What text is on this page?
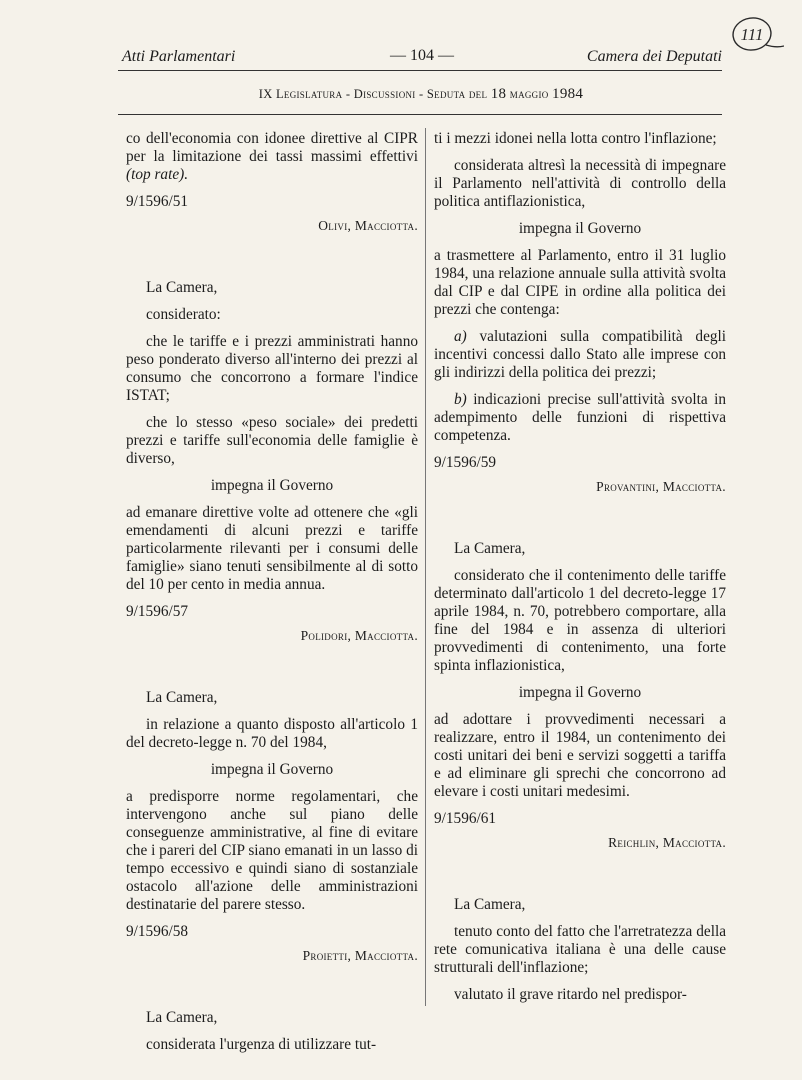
Atti Parlamentari	— 104 —	Camera dei Deputati
111
IX Legislatura - Discussioni - Seduta del 18 maggio 1984

co dell'economia con idonee direttive al CIPR per la limitazione dei tassi massimi effettivi (top rate).

9/1596/51

Olivi, Macciotta.

La Camera,

considerato:

che le tariffe e i prezzi amministrati hanno peso ponderato diverso all'interno dei prezzi al consumo che concorrono a formare l'indice ISTAT;

che lo stesso «peso sociale» dei predetti prezzi e tariffe sull'economia delle famiglie è diverso,

impegna il Governo

ad emanare direttive volte ad ottenere che «gli emendamenti di alcuni prezzi e tariffe particolarmente rilevanti per i consumi delle famiglie» siano tenuti sensibilmente al di sotto del 10 per cento in media annua.

9/1596/57

Polidori, Macciotta.

La Camera,

in relazione a quanto disposto all'articolo 1 del decreto-legge n. 70 del 1984,

impegna il Governo

a predisporre norme regolamentari, che intervengono anche sul piano delle conseguenze amministrative, al fine di evitare che i pareri del CIP siano emanati in un lasso di tempo eccessivo e quindi siano di sostanziale ostacolo all'azione delle amministrazioni destinatarie del parere stesso.

9/1596/58

Proietti, Macciotta.

La Camera,

considerata l'urgenza di utilizzare tut-

ti i mezzi idonei nella lotta contro l'inflazione;

considerata altresì la necessità di impegnare il Parlamento nell'attività di controllo della politica antiflazionistica,

impegna il Governo

a trasmettere al Parlamento, entro il 31 luglio 1984, una relazione annuale sulla attività svolta dal CIP e dal CIPE in ordine alla politica dei prezzi che contenga:

a) valutazioni sulla compatibilità degli incentivi concessi dallo Stato alle imprese con gli indirizzi della politica dei prezzi;

b) indicazioni precise sull'attività svolta in adempimento delle funzioni di rispettiva competenza.

9/1596/59

Provantini, Macciotta.

La Camera,

considerato che il contenimento delle tariffe determinato dall'articolo 1 del decreto-legge 17 aprile 1984, n. 70, potrebbero comportare, alla fine del 1984 e in assenza di ulteriori provvedimenti di contenimento, una forte spinta inflazionistica,

impegna il Governo

ad adottare i provvedimenti necessari a realizzare, entro il 1984, un contenimento dei costi unitari dei beni e servizi soggetti a tariffa e ad eliminare gli sprechi che concorrono ad elevare i costi unitari medesimi.

9/1596/61

Reichlin, Macciotta.

La Camera,

tenuto conto del fatto che l'arretratezza della rete comunicativa italiana è una delle cause strutturali dell'inflazione;

valutato il grave ritardo nel predispor-
